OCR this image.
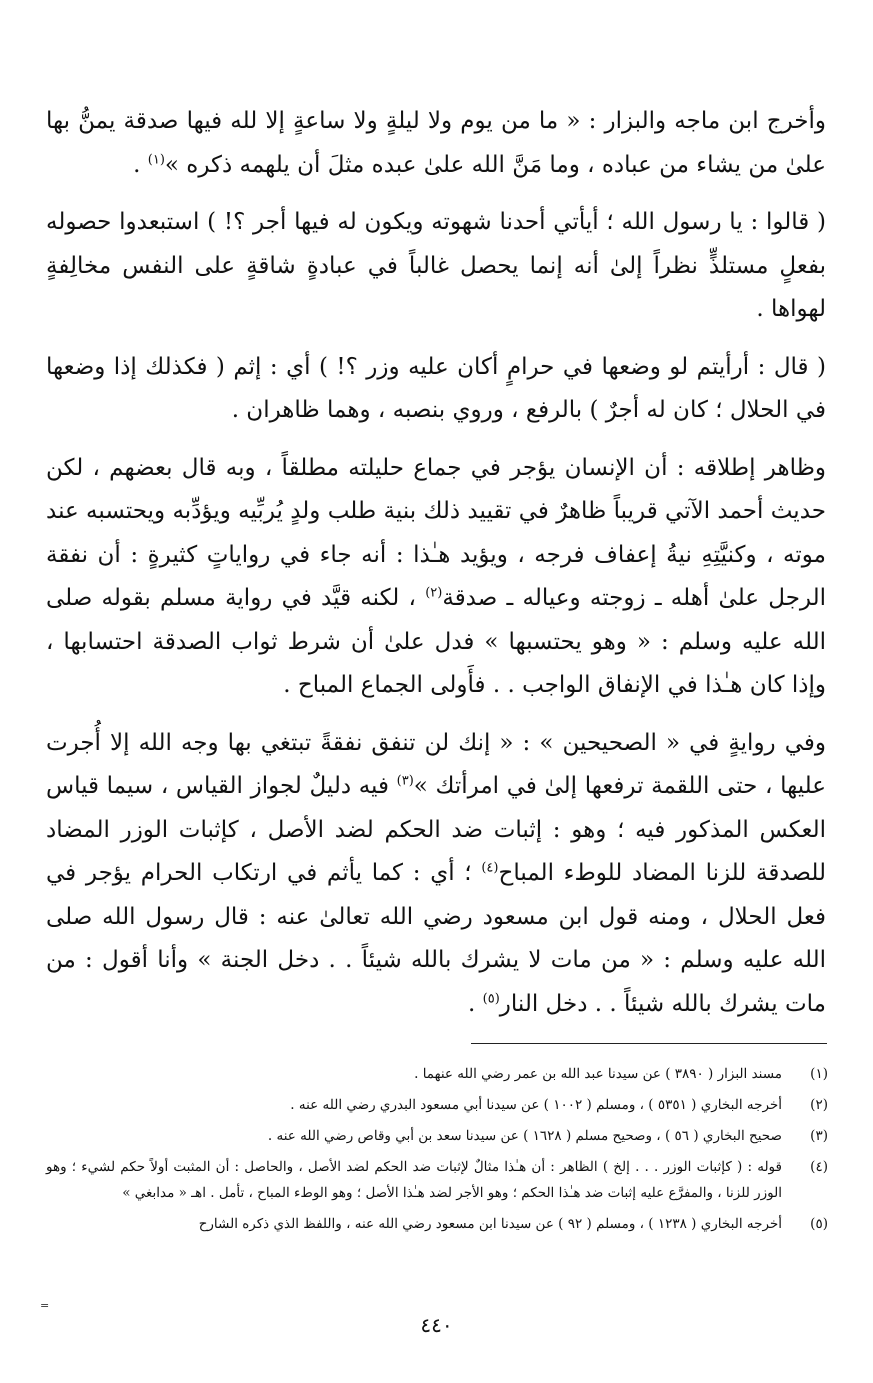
وأخرج ابن ماجه والبزار : « ما من يوم ولا ليلةٍ ولا ساعةٍ إلا لله فيها صدقة يمنُّ بها علىٰ من يشاء من عباده ، وما مَنَّ الله علىٰ عبده مثلَ أن يلهمه ذكره »$^{(١)}$ .

( قالوا : يا رسول الله ؛ أيأتي أحدنا شهوته ويكون له فيها أجر ؟! ) استبعدوا حصوله بفعلٍ مستلذٍّ نظراً إلىٰ أنه إنما يحصل غالباً في عبادةٍ شاقةٍ على النفس مخالِفةٍ لهواها .

( قال : أرأيتم لو وضعها في حرامٍ أكان عليه وزر ؟! ) أي : إثم ( فكذلك إذا وضعها في الحلال ؛ كان له أجرٌ ) بالرفع ، وروي بنصبه ، وهما ظاهران .

وظاهر إطلاقه : أن الإنسان يؤجر في جماع حليلته مطلقاً ، وبه قال بعضهم ، لكن حديث أحمد الآتي قريباً ظاهرٌ في تقييد ذلك بنية طلب ولدٍ يُربِّيه ويؤدِّبه ويحتسبه عند موته ، وكنيَّتِهِ نيةُ إعفاف فرجه ، ويؤيد هـٰذا : أنه جاء في رواياتٍ كثيرةٍ : أن نفقة الرجل علىٰ أهله ـ زوجته وعياله ـ صدقة$^{(٢)}$ ، لكنه قيَّد في رواية مسلم بقوله صلى الله عليه وسلم : « وهو يحتسبها » فدل علىٰ أن شرط ثواب الصدقة احتسابها ، وإذا كان هـٰذا في الإنفاق الواجب . . فأَولى الجماع المباح .

وفي روايةٍ في « الصحيحين » : « إنك لن تنفق نفقةً تبتغي بها وجه الله إلا أُجرت عليها ، حتى اللقمة ترفعها إلىٰ في امرأتك »$^{(٣)}$ فيه دليلٌ لجواز القياس ، سيما قياس العكس المذكور فيه ؛ وهو : إثبات ضد الحكم لضد الأصل ، كإثبات الوزر المضاد للصدقة للزنا المضاد للوطء المباح$^{(٤)}$ ؛ أي : كما يأثم في ارتكاب الحرام يؤجر في فعل الحلال ، ومنه قول ابن مسعود رضي الله تعالىٰ عنه : قال رسول الله صلى الله عليه وسلم : « من مات لا يشرك بالله شيئاً . . دخل الجنة » وأنا أقول : من مات يشرك بالله شيئاً . . دخل النار$^{(٥)}$ .

(١)
مسند البزار ( ٣٨٩٠ ) عن سيدنا عبد الله بن عمر رضي الله عنهما .
(٢)
أخرجه البخاري ( ٥٣٥١ ) ، ومسلم ( ١٠٠٢ ) عن سيدنا أبي مسعود البدري رضي الله عنه .
(٣)
صحيح البخاري ( ٥٦ ) ، وصحيح مسلم ( ١٦٢٨ ) عن سيدنا سعد بن أبي وقاص رضي الله عنه .
(٤)
قوله : ( كإثبات الوزر . . . إلخ ) الظاهر : أن هـٰذا مثالٌ لإثبات ضد الحكم لضد الأصل ، والحاصل : أن المثبت أولاً حكم لشيء ؛ وهو الوزر للزنا ، والمفرَّع عليه إثبات ضد هـٰذا الحكم ؛ وهو الأجر لضد هـٰذا الأصل ؛ وهو الوطء المباح ، تأمل . اهـ « مدابغي »
(٥)
أخرجه البخاري ( ١٢٣٨ ) ، ومسلم ( ٩٢ ) عن سيدنا ابن مسعود رضي الله عنه ، واللفظ الذي ذكره الشارح
=
٤٤٠
